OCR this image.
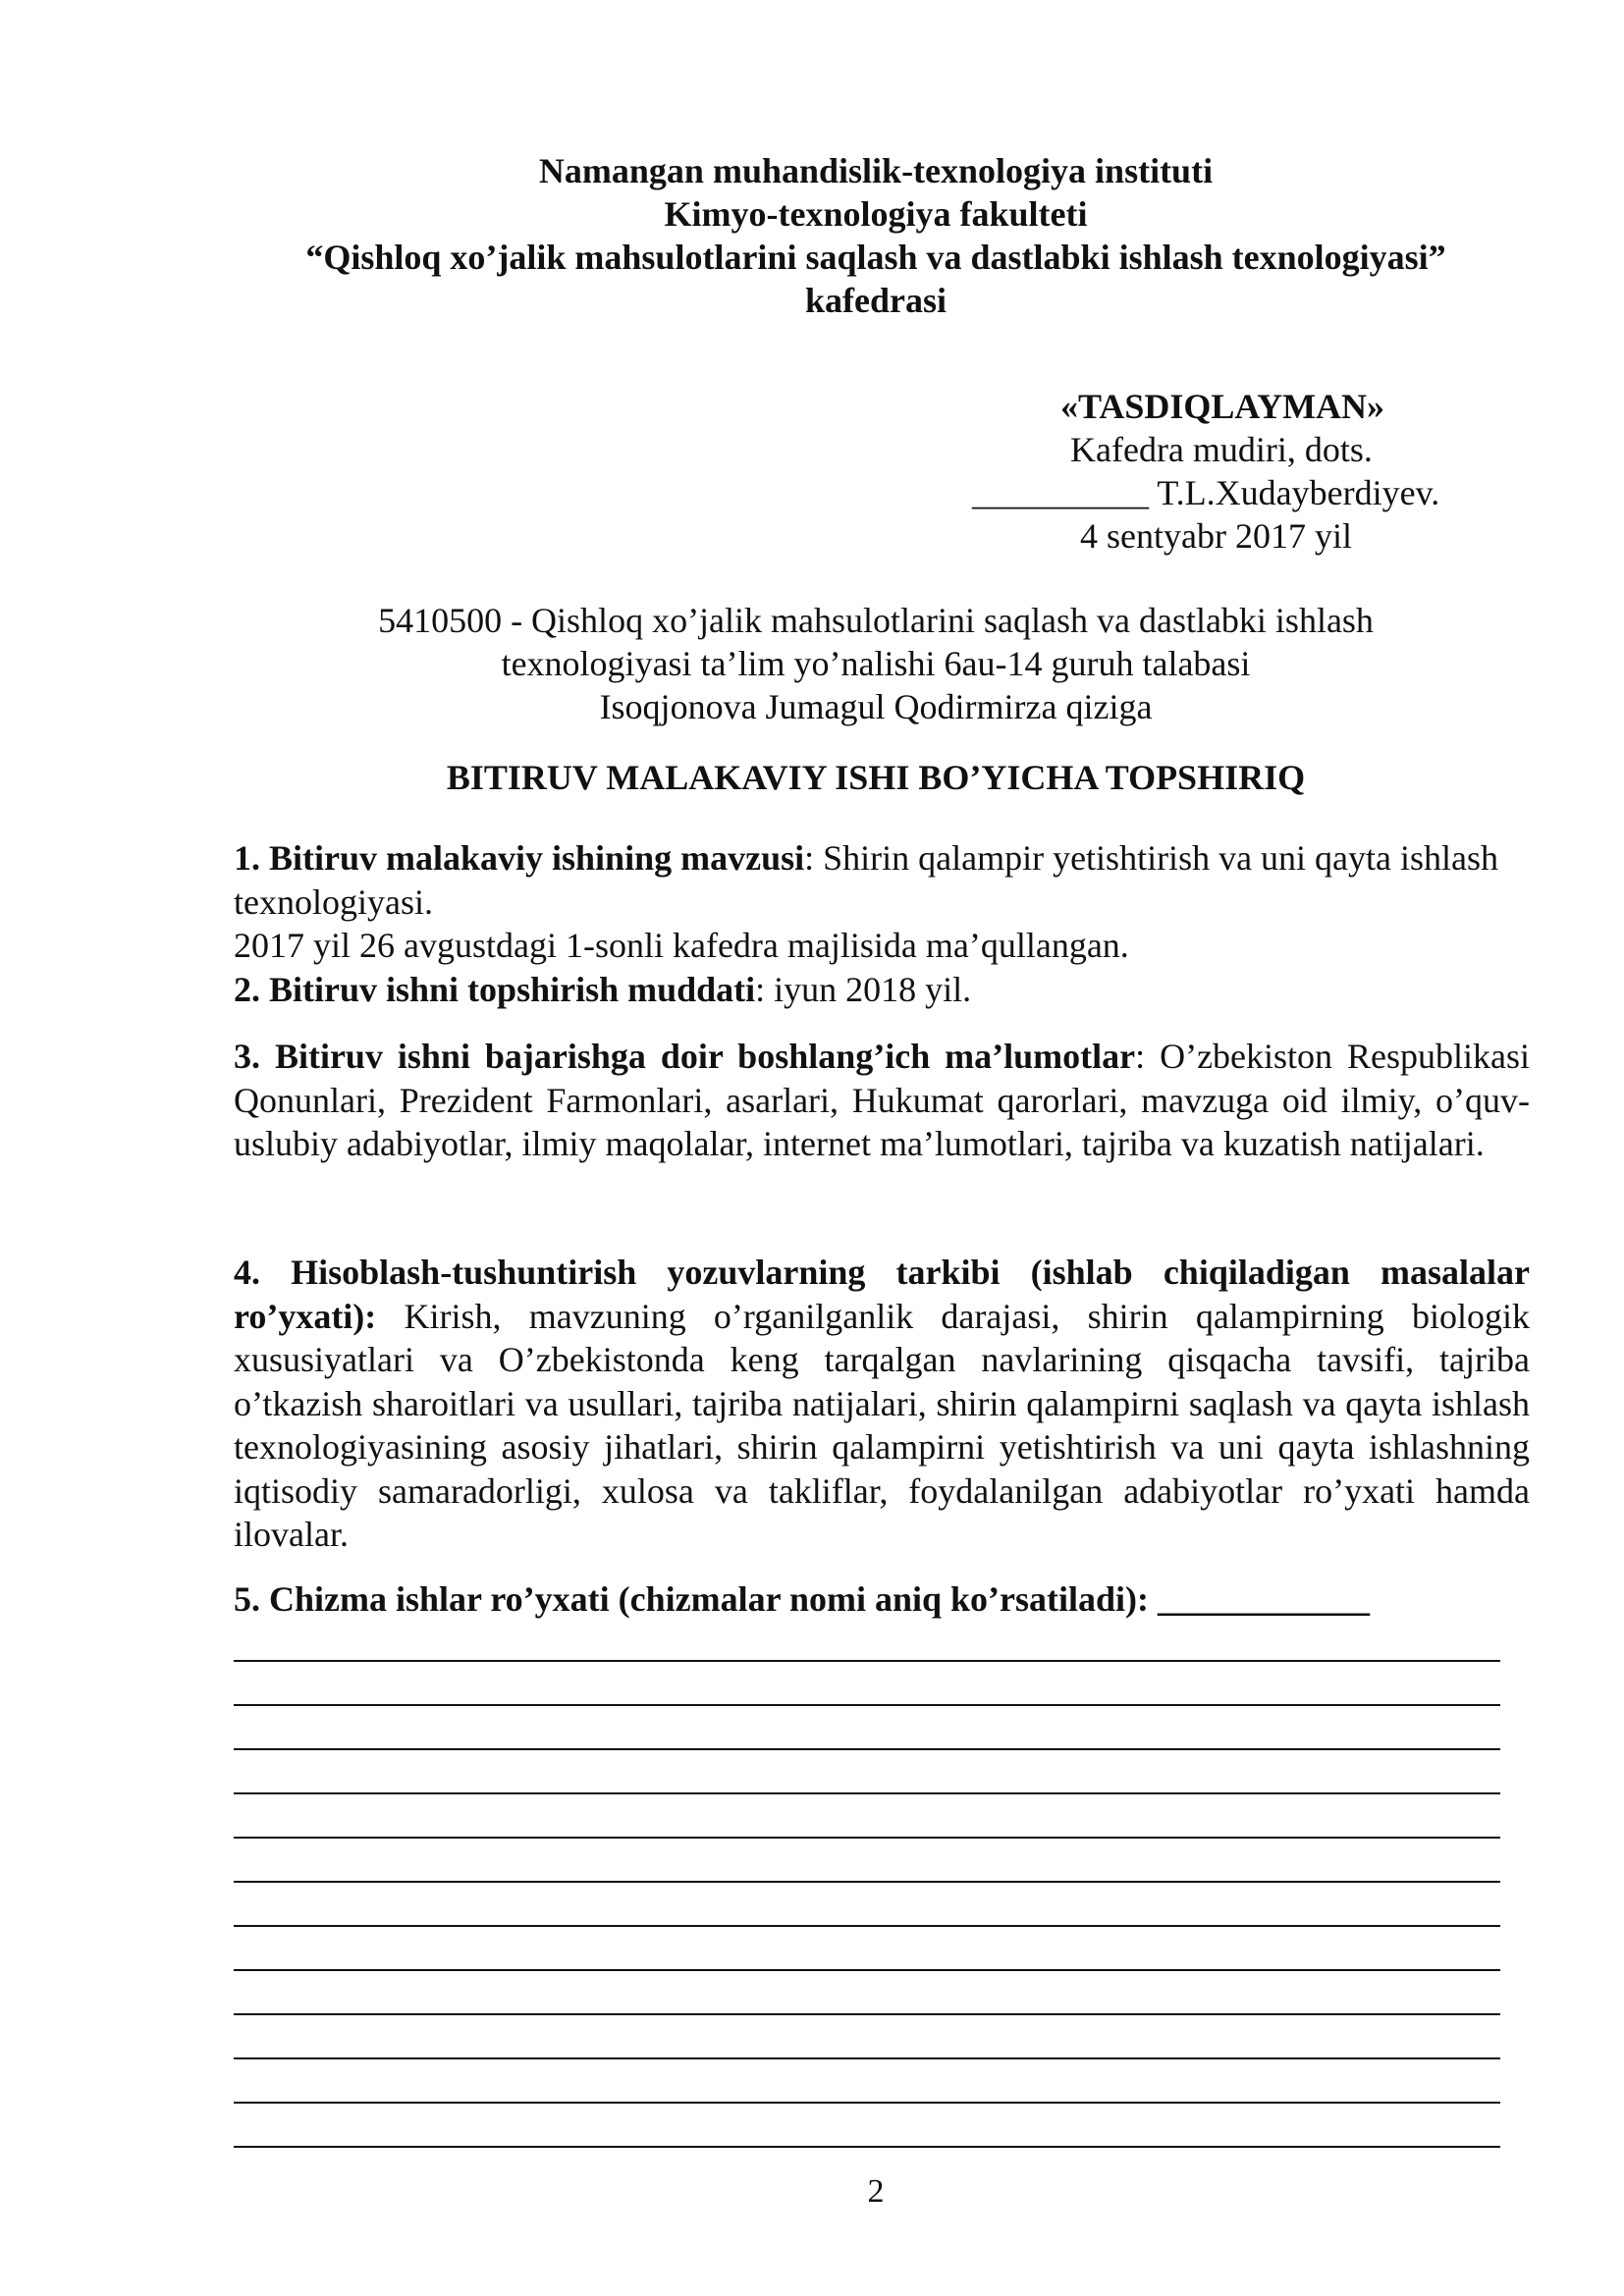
Namangan muhandislik-texnologiya instituti
Kimyo-texnologiya fakulteti
“Qishloq xo’jalik mahsulotlarini saqlash va dastlabki ishlash texnologiyasi”
kafedrasi
«TASDIQLAYMAN»
Kafedra mudiri, dots.
__________ T.L.Xudayberdiyev.
4 sentyabr 2017 yil
5410500 - Qishloq xo’jalik mahsulotlarini saqlash va dastlabki ishlash
texnologiyasi ta’lim yo’nalishi 6au-14 guruh talabasi
Isoqjonova Jumagul Qodirmirza qiziga
BITIRUV MALAKAVIY ISHI BO’YICHA TOPSHIRIQ
1. Bitiruv malakaviy ishining mavzusi: Shirin qalampir yetishtirish va uni qayta ishlash texnologiyasi.
2017 yil 26 avgustdagi 1-sonli kafedra majlisida ma’qullangan.
2. Bitiruv ishni topshirish muddati: iyun 2018 yil.
3. Bitiruv ishni bajarishga doir boshlang’ich ma’lumotlar: O’zbekiston Respublikasi Qonunlari, Prezident Farmonlari, asarlari, Hukumat qarorlari, mavzuga oid ilmiy, o’quv-uslubiy adabiyotlar, ilmiy maqolalar, internet ma’lumotlari, tajriba va kuzatish natijalari.
4. Hisoblash-tushuntirish yozuvlarning tarkibi (ishlab chiqiladigan masalalar ro’yxati): Kirish, mavzuning o’rganilganlik darajasi, shirin qalampirning biologik xususiyatlari va O’zbekistonda keng tarqalgan navlarining qisqacha tavsifi, tajriba o’tkazish sharoitlari va usullari, tajriba natijalari, shirin qalampirni saqlash va qayta ishlash texnologiyasining asosiy jihatlari, shirin qalampirni yetishtirish va uni qayta ishlashning iqtisodiy samaradorligi, xulosa va takliflar, foydalanilgan adabiyotlar ro’yxati hamda ilovalar.
5. Chizma ishlar ro’yxati (chizmalar nomi aniq ko’rsatiladi): ____________
2
